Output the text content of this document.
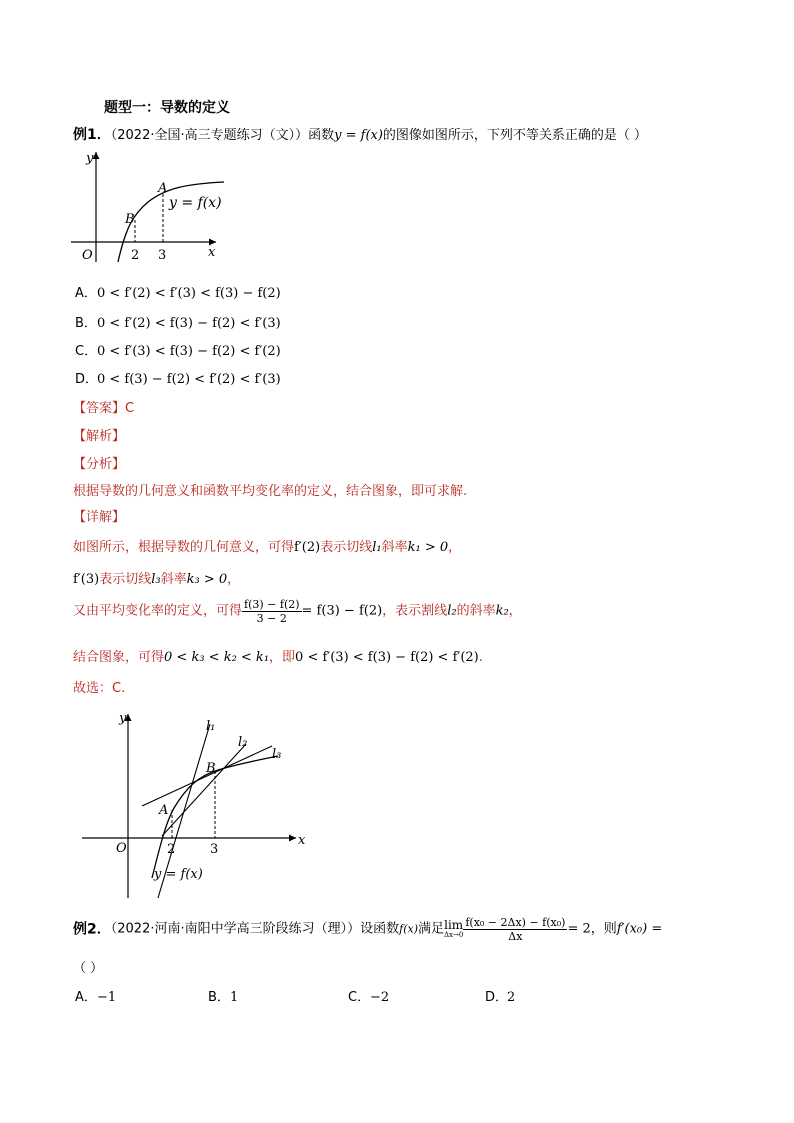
题型一：导数的定义
例1．（2022·全国·高三专题练习（文））函数y = f(x)的图像如图所示，下列不等关系正确的是（ ）
y
x
O
A
B
2 3
y = f(x)
A．0 < f′(2) < f′(3) < f(3) − f(2)
B．0 < f′(2) < f(3) − f(2) < f′(3)
C．0 < f′(3) < f(3) − f(2) < f′(2)
D．0 < f(3) − f(2) < f′(2) < f′(3)
【答案】C
【解析】
【分析】
根据导数的几何意义和函数平均变化率的定义，结合图象，即可求解.
【详解】
如图所示，根据导数的几何意义，可得f′(2)表示切线l₁斜率k₁ > 0，
f′(3)表示切线l₃斜率k₃ > 0，
又由平均变化率的定义，可得 $\frac{f(3) - f(2)}{3 - 2} = f(3) - f(2)$，表示割线l₂的斜率k₂，
结合图象，可得0 < k₃ < k₂ < k₁，即0 < f′(3) < f(3) − f(2) < f′(2).
故选：C.
y
x
O
A
B
2	3
l₁
l₂
l₃
y = f(x)
例2．（2022·河南·南阳中学高三阶段练习（理））设函数f(x)满足 lim
$\Delta x\to 0 \frac{\text{f(x₀ − 2Δx) − f(x₀)}}{\Delta x} = 2$，则f′(x₀) =
（ ）
A．−1	B．1	C．−2	D．2
